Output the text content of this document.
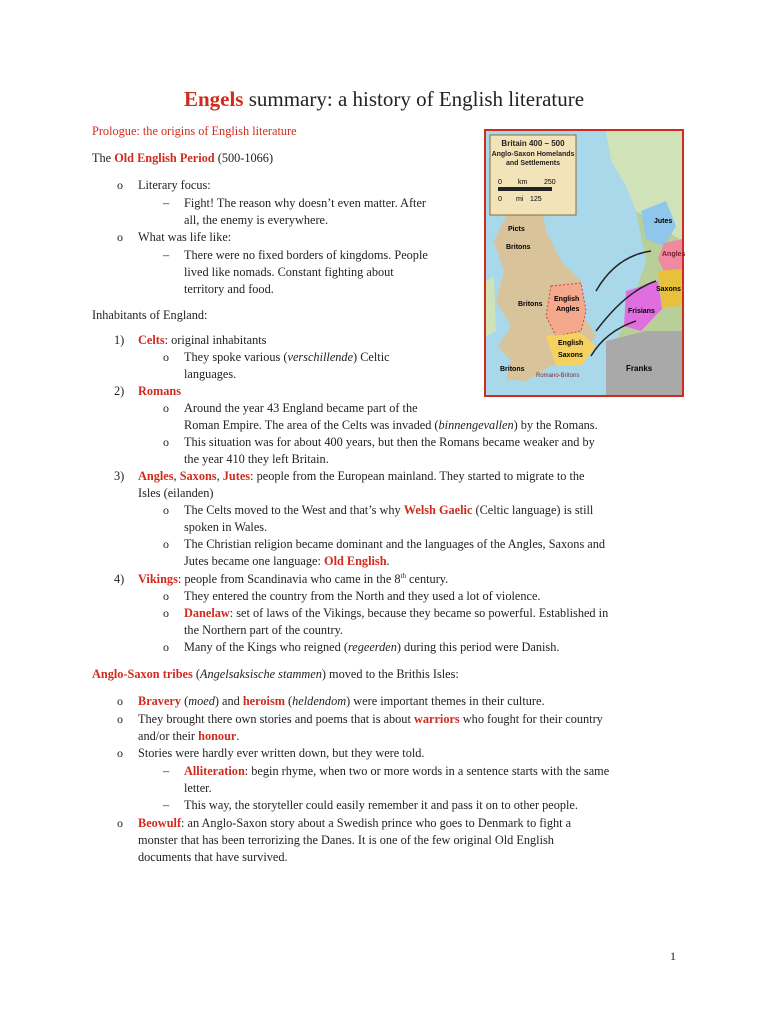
Engels summary: a history of English literature
Prologue: the origins of English literature
The Old English Period (500-1066)
o Literary focus:
– Fight! The reason why doesn’t even matter. After
all, the enemy is everywhere.
o What was life like:
– There were no fixed borders of kingdoms. People
lived like nomads. Constant fighting about
territory and food.
Inhabitants of England:
1) Celts: original inhabitants
o They spoke various (verschillende) Celtic
languages.
2) Romans
o Around the year 43 England became part of the
Roman Empire. The area of the Celts was invaded (binnengevallen) by the Romans.
o This situation was for about 400 years, but then the Romans became weaker and by
the year 410 they left Britain.
3) Angles, Saxons, Jutes: people from the European mainland. They started to migrate to the
Isles (eilanden)
o The Celts moved to the West and that’s why Welsh Gaelic (Celtic language) is still
spoken in Wales.
o The Christian religion became dominant and the languages of the Angles, Saxons and
Jutes became one language: Old English.
4) Vikings: people from Scandinavia who came in the 8th century.
o They entered the country from the North and they used a lot of violence.
o Danelaw: set of laws of the Vikings, because they became so powerful. Established in
the Northern part of the country.
o Many of the Kings who reigned (regeerden) during this period were Danish.
Anglo-Saxon tribes (Angelsaksische stammen) moved to the Brithis Isles:
o Bravery (moed) and heroism (heldendom) were important themes in their culture.
o They brought there own stories and poems that is about warriors who fought for their country
and/or their honour.
o Stories were hardly ever written down, but they were told.
– Alliteration: begin rhyme, when two or more words in a sentence starts with the same
letter.
– This way, the storyteller could easily remember it and pass it on to other people.
o Beowulf: an Anglo-Saxon story about a Swedish prince who goes to Denmark to fight a
monster that has been terrorizing the Danes. It is one of the few original Old English
documents that have survived.
Britain 400 – 500
Anglo-Saxon Homelands
and Settlements
0 km 250
0 mi 125
Jutes
Angles
Saxons
Frisians
Franks
Picts
Britons
Britons
Britons
English
Angles
English
Saxons
Romano-Britons
1
